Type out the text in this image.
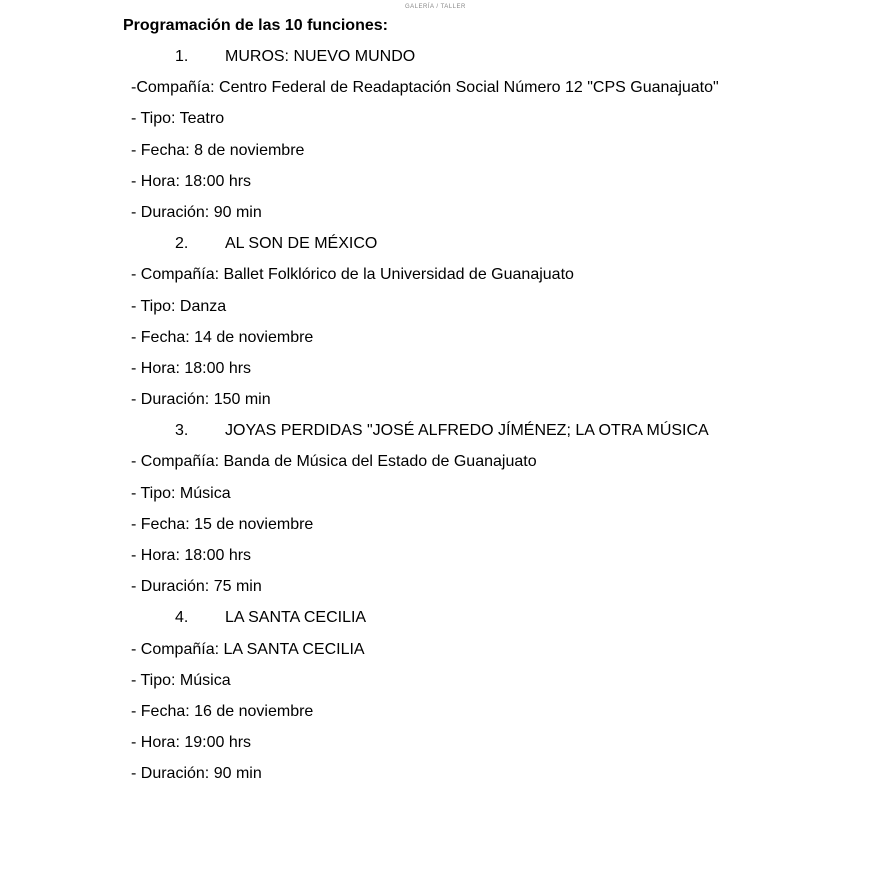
GALERÍA / TALLER
Programación de las 10 funciones:
1. MUROS: NUEVO MUNDO
-Compañía: Centro Federal de Readaptación Social Número 12 "CPS Guanajuato"
- Tipo: Teatro
- Fecha: 8 de noviembre
- Hora: 18:00 hrs
- Duración: 90 min
2. AL SON DE MÉXICO
- Compañía: Ballet Folklórico de la Universidad de Guanajuato
- Tipo: Danza
- Fecha: 14 de noviembre
- Hora: 18:00 hrs
- Duración: 150 min
3. JOYAS PERDIDAS "JOSÉ ALFREDO JÍMÉNEZ; LA OTRA MÚSICA
- Compañía: Banda de Música del Estado de Guanajuato
- Tipo: Música
- Fecha: 15 de noviembre
- Hora: 18:00 hrs
- Duración: 75 min
4. LA SANTA CECILIA
- Compañía: LA SANTA CECILIA
- Tipo: Música
- Fecha: 16 de noviembre
- Hora: 19:00 hrs
- Duración: 90 min
